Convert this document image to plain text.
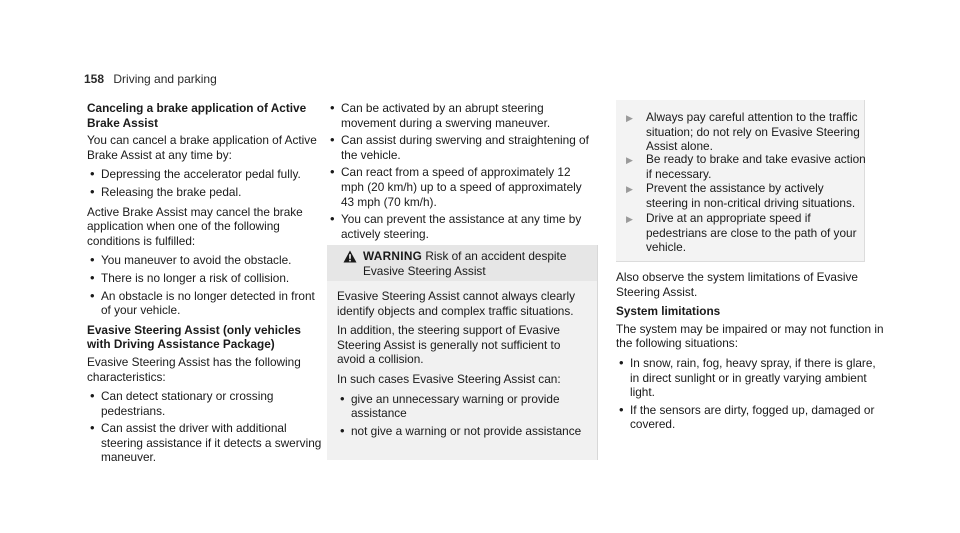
158 Driving and parking
Canceling a brake application of Active Brake Assist

You can cancel a brake application of Active Brake Assist at any time by:

• Depressing the accelerator pedal fully.
• Releasing the brake pedal.

Active Brake Assist may cancel the brake application when one of the following conditions is fulfilled:

• You maneuver to avoid the obstacle.
• There is no longer a risk of collision.
• An obstacle is no longer detected in front of your vehicle.
Evasive Steering Assist (only vehicles with Driving Assistance Package)

Evasive Steering Assist has the following characteristics:

• Can detect stationary or crossing pedestrians.
• Can assist the driver with additional steering assistance if it detects a swerving maneuver.
• Can be activated by an abrupt steering movement during a swerving maneuver.
• Can assist during swerving and straightening of the vehicle.
• Can react from a speed of approximately 12 mph (20 km/h) up to a speed of approximately 43 mph (70 km/h).
• You can prevent the assistance at any time by actively steering.
WARNING Risk of an accident despite Evasive Steering Assist

Evasive Steering Assist cannot always clearly identify objects and complex traffic situations.

In addition, the steering support of Evasive Steering Assist is generally not sufficient to avoid a collision.

In such cases Evasive Steering Assist can:

• give an unnecessary warning or provide assistance
• not give a warning or not provide assistance
▶ Always pay careful attention to the traffic situation; do not rely on Evasive Steering Assist alone.
▶ Be ready to brake and take evasive action if necessary.
▶ Prevent the assistance by actively steering in non-critical driving situations.
▶ Drive at an appropriate speed if pedestrians are close to the path of your vehicle.

Also observe the system limitations of Evasive Steering Assist.

System limitations

The system may be impaired or may not function in the following situations:

• In snow, rain, fog, heavy spray, if there is glare, in direct sunlight or in greatly varying ambient light.
• If the sensors are dirty, fogged up, damaged or covered.
